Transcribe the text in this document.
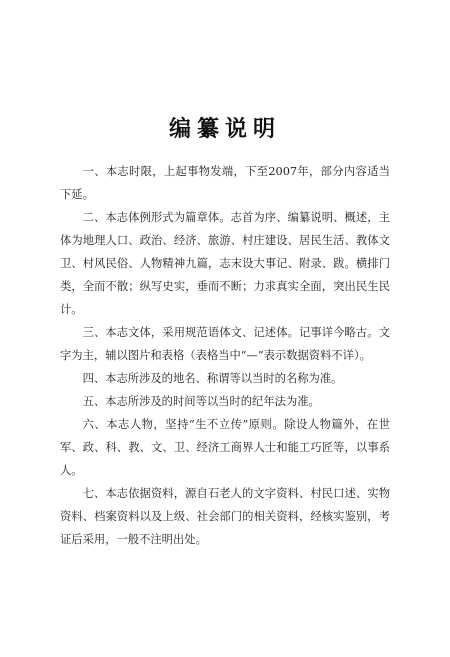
编纂说明

一、本志时限，上起事物发端，下至2007年，部分内容适当下延。

二、本志体例形式为篇章体。志首为序、编纂说明、概述，主体为地理人口、政治、经济、旅游、村庄建设、居民生活、教体文卫、村风民俗、人物精神九篇，志末设大事记、附录、跋。横排门类，全而不散；纵写史实，垂而不断；力求真实全面，突出民生民计。

三、本志文体，采用规范语体文、记述体。记事详今略古。文字为主，辅以图片和表格（表格当中“—”表示数据资料不详）。

四、本志所涉及的地名、称谓等以当时的名称为准。

五、本志所涉及的时间等以当时的纪年法为准。

六、本志人物，坚持“生不立传”原则。除设人物篇外，在世军、政、科、教、文、卫、经济工商界人士和能工巧匠等，以事系人。

七、本志依据资料，源自石老人的文字资料、村民口述、实物资料、档案资料以及上级、社会部门的相关资料，经核实鉴别，考证后采用，一般不注明出处。
